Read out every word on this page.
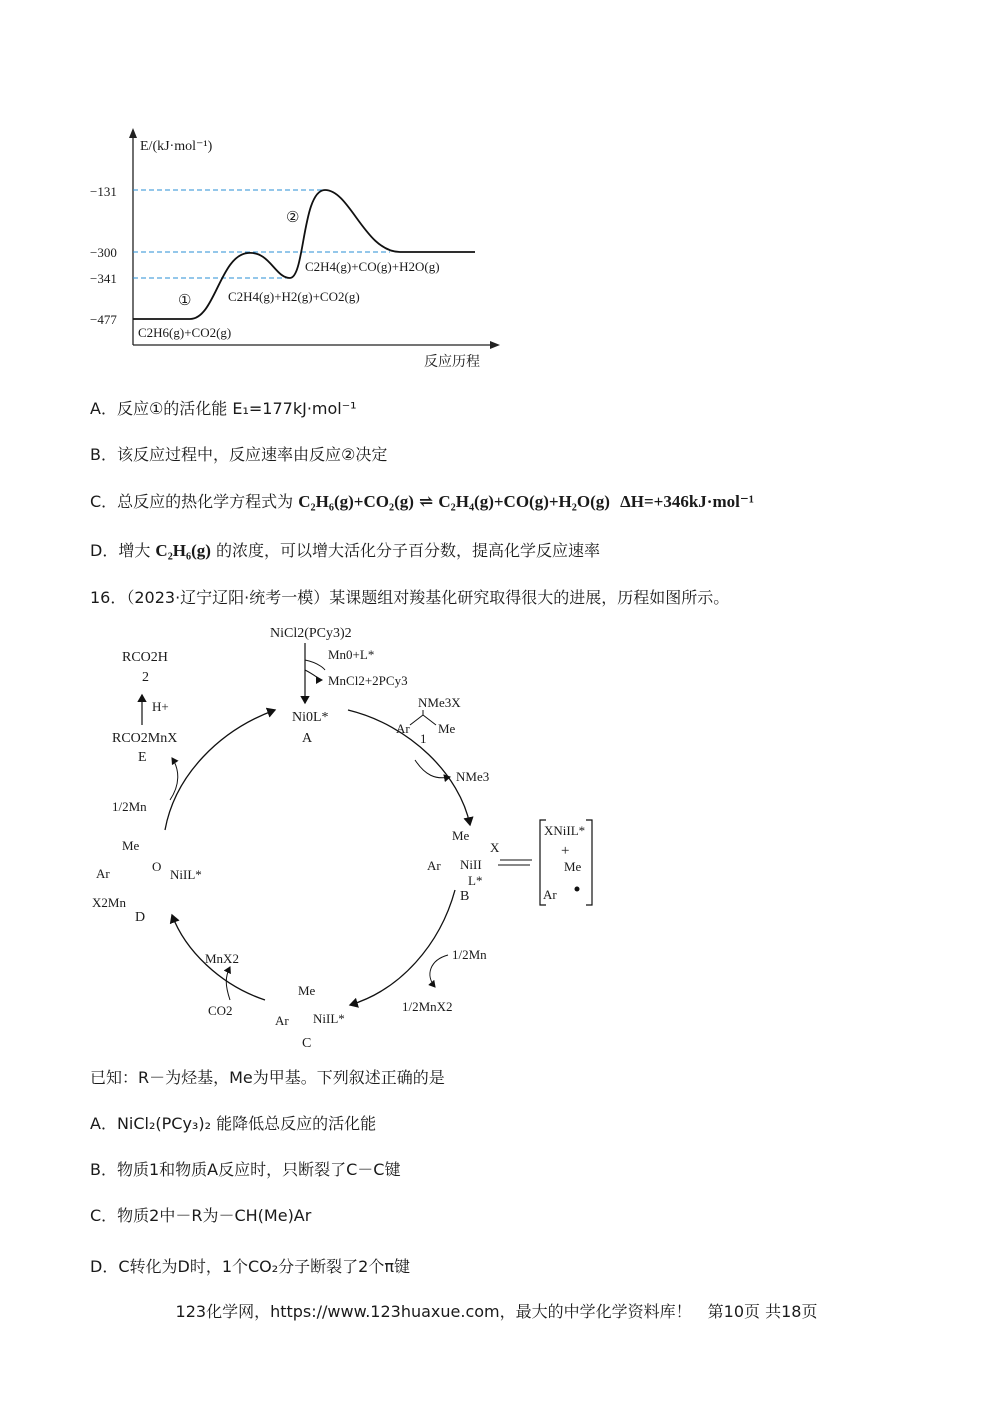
−131
−300
−341
−477
E/(kJ·mol⁻¹)
反应历程
①
②
C2H6(g)+CO2(g)
C2H4(g)+H2(g)+CO2(g)
C2H4(g)+CO(g)+H2O(g)
A．反应①的活化能 E₁=177kJ·mol⁻¹
B．该反应过程中，反应速率由反应②决定
C．总反应的热化学方程式为 C₂H₆(g)+CO₂(g) ⇌ C₂H₄(g)+CO(g)+H₂O(g) ΔH=+346kJ·mol⁻¹
D．增大 C₂H₆(g) 的浓度，可以增大活化分子百分数，提高化学反应速率
16．（2023·辽宁辽阳·统考一模）某课题组对羧基化研究取得很大的进展，历程如图所示。
NiCl2(PCy3)2
Mn0+L*
MnCl2+2PCy3
Ni0L*
A
NMe3X
Ar Me
1
NMe3
Me
Ar NiII
X
L*
B
XNiIL*
+
Me
Ar
1/2Mn
1/2MnX2
Me
Ar NiIL*
C
MnX2
CO2
Me
Ar	O
NiIL*
X2Mn
D
1/2Mn
RCO2MnX
E
H+
RCO2H
2
已知：R－为烃基，Me为甲基。下列叙述正确的是
A．NiCl₂(PCy₃)₂ 能降低总反应的活化能
B．物质1和物质A反应时，只断裂了C－C键
C．物质2中－R为－CH(Me)Ar
D．C转化为D时，1个CO₂分子断裂了2个π键
123化学网，https://www.123huaxue.com，最大的中学化学资料库！　第10页 共18页
